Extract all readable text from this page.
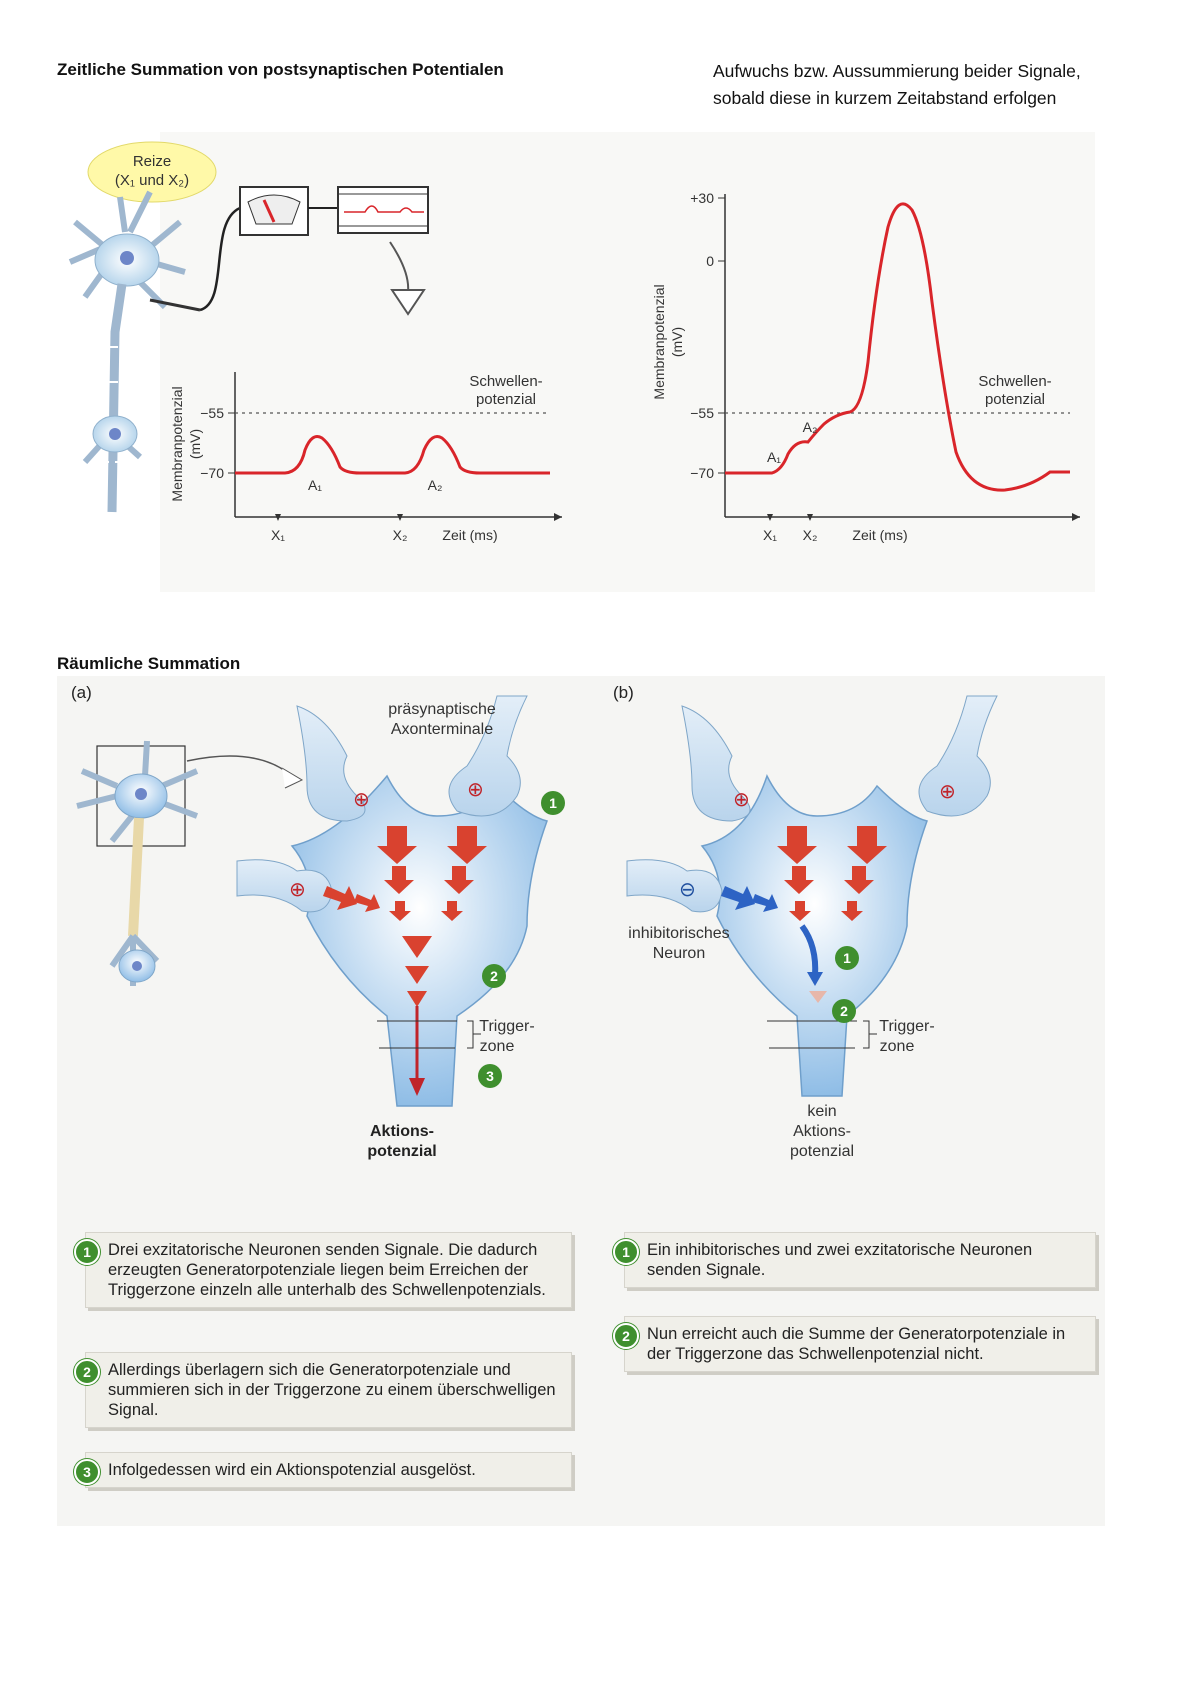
Zeitliche Summation von postsynaptischen Potentialen	Aufwuchs bzw. Aussummierung beider Signale, sobald diese in kurzem Zeitabstand erfolgen
Reize
(X₁ und X₂)
−55
−70
Membranpotenzial (mV)
Schwellen-
potenzial
A₁	A₂
X₁	X₂	Zeit (ms)
+30
0
−55
−70
Membranpotenzial (mV)
Schwellen-
potenzial
A₁
A₂
X₁ X₂	Zeit (ms)
Räumliche Summation
(a)	(b)
⊕	⊕
⊕
präsynaptische
Axonterminale
Trigger-
zone
Aktions-
potenzial
1
2
3
⊕	⊕
⊖
inhibitorisches
Neuron
Trigger-
zone
kein
Aktions-
potenzial
1
2
1	Drei exzitatorische Neuronen senden Signale. Die dadurch erzeugten Generatorpotenziale liegen beim Erreichen der Triggerzone einzeln alle unterhalb des Schwellenpotenzials.
2	Allerdings überlagern sich die Generatorpotenziale und summieren sich in der Triggerzone zu einem überschwelligen Signal.
3	Infolgedessen wird ein Aktionspotenzial ausgelöst.
1	Ein inhibitorisches und zwei exzitatorische Neuronen senden Signale.
2	Nun erreicht auch die Summe der Generatorpotenziale in der Triggerzone das Schwellenpotenzial nicht.
